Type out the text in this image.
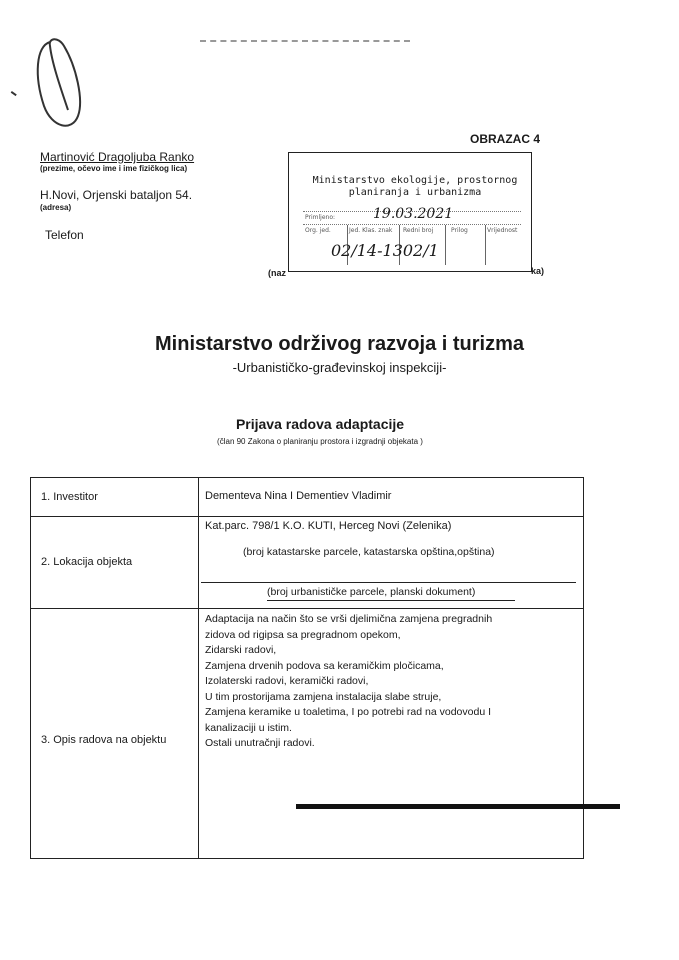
OBRAZAC 4
Martinović Dragoljuba Ranko
(prezime, očevo ime i ime fizičkog lica)
H.Novi, Orjenski bataljon 54.
(adresa)
Telefon
Ministarstvo ekologije, prostornog
planiranja i urbanizma
Primljeno:	19.03.2021
Org. jed.	Jed. Klas. znak Redni broj	Prilog	Vrijednost
02/14-1302/1
(naz	ka)
Ministarstvo održivog razvoja i turizma
-Urbanističko-građevinskoj inspekciji-
Prijava radova adaptacije
(član 90 Zakona o planiranju prostora i izgradnji objekata )
1. Investitor	Dementeva Nina I Dementiev Vladimir
2. Lokacija objekta
Kat.parc. 798/1 K.O. KUTI, Herceg Novi (Zelenika)
(broj katastarske parcele, katastarska opština,opština)
(broj urbanističke parcele, planski dokument)
3. Opis radova na objektu
Adaptacija na način što se vrši djelimična zamjena pregradnih
zidova od rigipsa sa pregradnom opekom,
Zidarski radovi,
Zamjena drvenih podova sa keramičkim pločicama,
Izolaterski radovi, keramički radovi,
U tim prostorijama zamjena instalacija slabe struje,
Zamjena keramike u toaletima, I po potrebi rad na vodovodu I
kanalizaciji u istim.
Ostali unutračnji radovi.
